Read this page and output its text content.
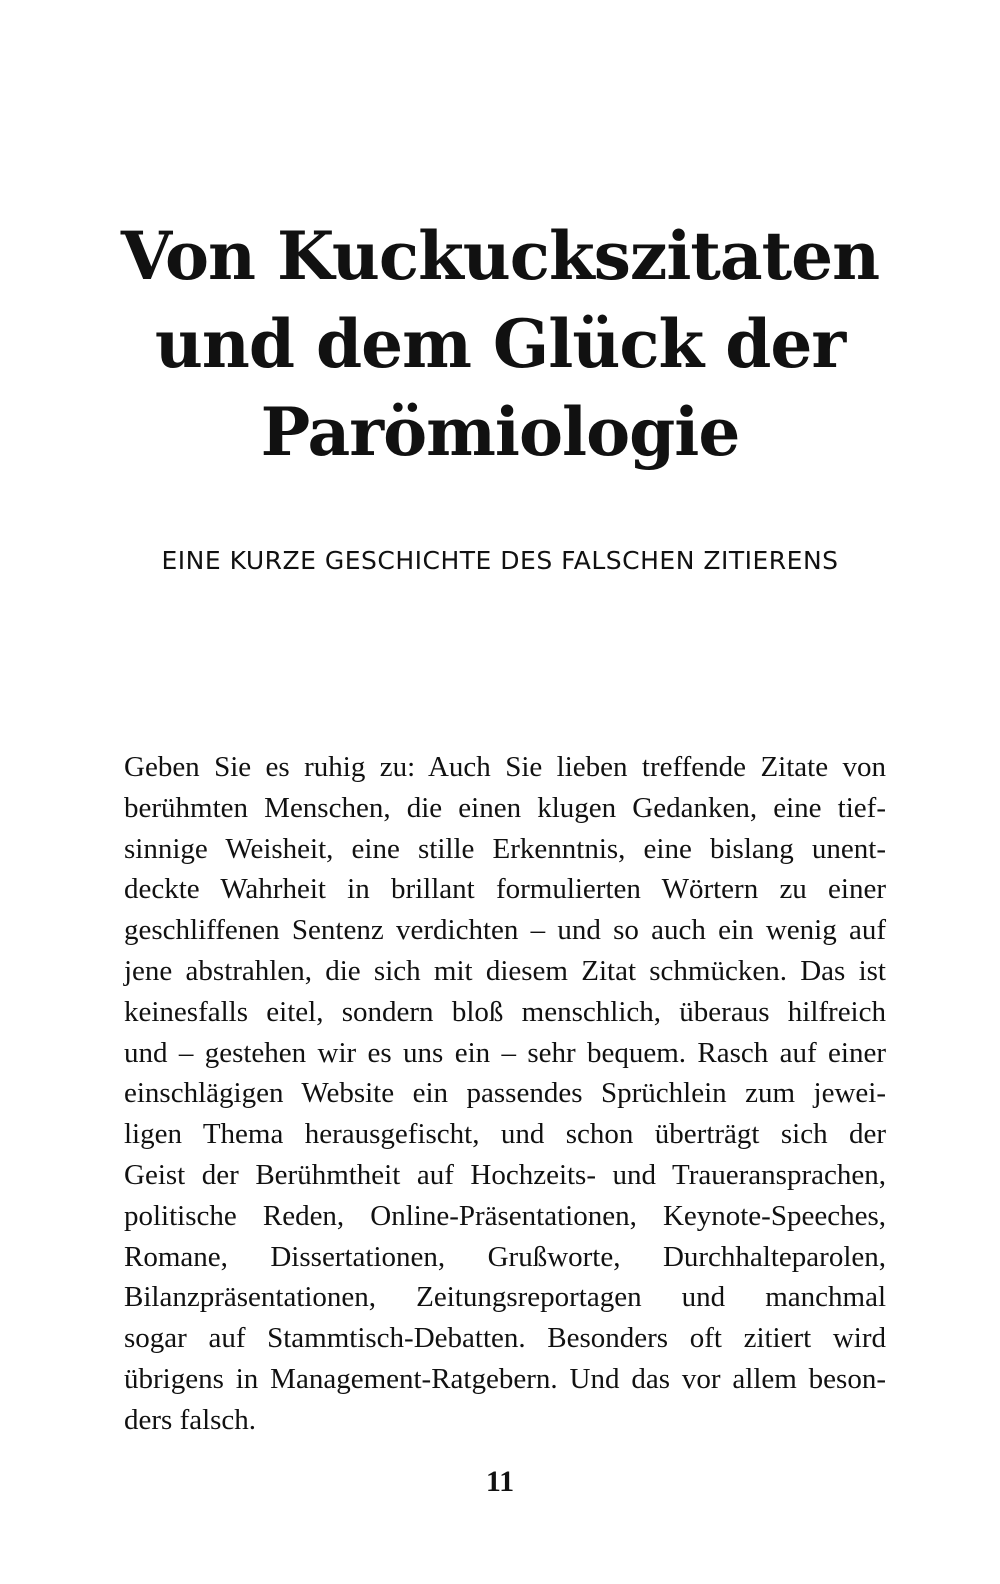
Von Kuckuckszitaten
und dem Glück der
Parömiologie
EINE KURZE GESCHICHTE DES FALSCHEN ZITIERENS
Geben Sie es ruhig zu: Auch Sie lieben treffende Zitate von
berühmten Menschen, die einen klugen Gedanken, eine tief-
sinnige Weisheit, eine stille Erkenntnis, eine bislang unent-
deckte Wahrheit in brillant formulierten Wörtern zu einer
geschliffenen Sentenz verdichten – und so auch ein wenig auf
jene abstrahlen, die sich mit diesem Zitat schmücken. Das ist
keinesfalls eitel, sondern bloß menschlich, überaus hilfreich
und – gestehen wir es uns ein – sehr bequem. Rasch auf einer
einschlägigen Website ein passendes Sprüchlein zum jewei-
ligen Thema herausgefischt, und schon überträgt sich der
Geist der Berühmtheit auf Hochzeits- und Traueransprachen,
politische Reden, Online-Präsentationen, Keynote-Speeches,
Romane, Dissertationen, Grußworte, Durchhalteparolen,
Bilanzpräsentationen, Zeitungsreportagen und manchmal
sogar auf Stammtisch-Debatten. Besonders oft zitiert wird
übrigens in Management-Ratgebern. Und das vor allem beson-
ders falsch.
11
